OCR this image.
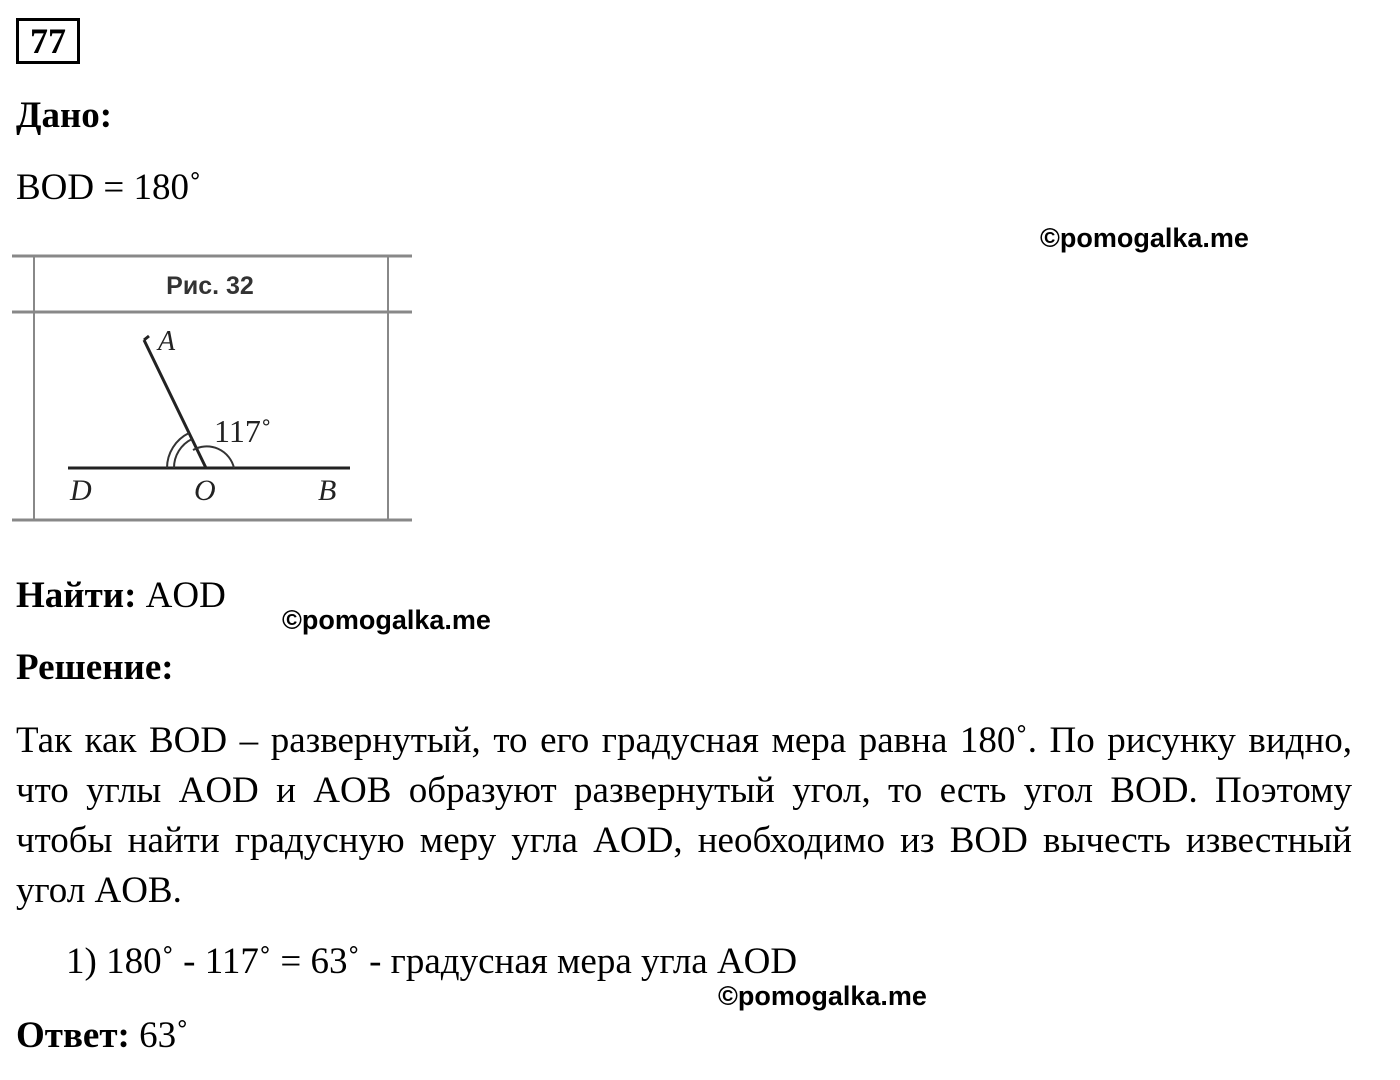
77
Дано:
BOD = 180˚
©pomogalka.me
Рис. 32
A
117˚
D	O	B
Найти: AOD
©pomogalka.me
Решение:
Так как BOD – развернутый, то его градусная мера равна 180˚. По рисунку видно, что углы AOD и AOB образуют развернутый угол, то есть угол BOD. Поэтому чтобы найти градусную меру угла AOD, необходимо из BOD вычесть известный угол AOB.
1) 180˚ - 117˚ = 63˚ - градусная мера угла AOD
©pomogalka.me
Ответ: 63˚
